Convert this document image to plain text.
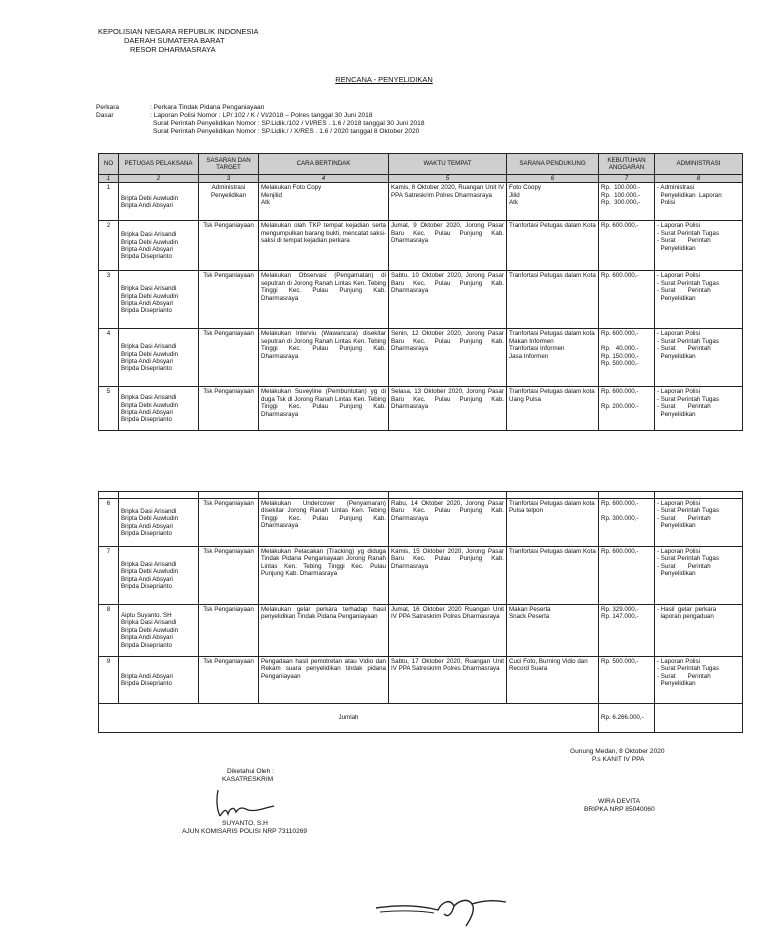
KEPOLISIAN NEGARA REPUBLIK INDONESIA
DAERAH SUMATERA BARAT
RESOR DHARMASRAYA
RENCANA - PENYELIDIKAN
Perkara	: Perkara Tindak Pidana Penganiayaan
Dasar	: Laporan Polisi Nomor : LP/ 102 / K / VI/2018 – Polres tanggal 30 Juni 2018
Surat Perintah Penyelidikan Nomor : SP.Lidik./102 / VI/RES . 1.6 / 2018 tanggal 30 Juni 2018
Surat Perintah Penyelidikan Nomor : SP.Lidik./ / X/RES . 1.6 / 2020 tanggal 8 Oktober 2020
NO	PETUGAS PELAKSANA	SASARAN DAN TARGET	CARA BERTINDAK	WAKTU TEMPAT	SARANA PENDUKUNG	KEBUTUHAN ANGGARAN	ADMINISTRASI
1	2	3	4	5	6	7	8
1	Bripta Debi Auwludin
Bripta Andi Absyari	Administrasi Penyelidikan	Melakukan Foto Copy
Menjilid
Atk	Kamis, 8 Oktober 2020, Ruangan Unit IV PPA Satreskrim Polres Dharmasraya	Foto Coopy
Jilid
Atk	Rp.  100.000.-
Rp.  100.000.-
Rp.  300.000,-	- Administrasi
Penyelidikan  Laporan
Polisi

2	Bripka Dasi Arisandi
Bripta Debi Auwludin
Bripta Andi Absyari
Bripda Diseprianto	Tsk Penganiayaan	Melakukan olah TKP tempat kejadian serta mengumpulkan barang bukti, mencatat saksi- saksi di tempat kejadian perkara	Jumat, 9 Oktober 2020, Jorong Pasar Baru Kec. Pulau Punjung Kab. Dharmasraya	Tranfortasi Petugas dalam Kota	Rp. 600.000,-	- Laporan Polisi
- Surat Perintah Tugas
- Surat       Perintah
Penyelidikan

3	Bripka Dasi Arisandi
Bripta Debi Auwludin
Bripta Andi Absyari
Bripda Diseprianto	Tsk Penganiayaan	Melakukan Observasi (Pengamatan) di seputran di Jorong Ranah Lintas Ken. Tebing Tinggi Kec. Pulau Punjung Kab. Dharmasraya	Sabtu, 10 Oktober 2020, Jorong Pasar Baru Kec. Pulau Punjung Kab. Dharmasraya	Tranfortasi Petugas dalam Kota	Rp. 600.000,-	- Laporan Polisi
- Surat Perintah Tugas
- Surat       Perintah
Penyelidikan

4	Bripka Dasi Arisandi
Bripta Debi Auwludin
Bripta Andi Absyari
Bripda Diseprianto	Tsk Penganiayaan	Melakukan Interviu (Wawancara) disekitar seputran di Jorong Ranah Lintas Ken. Tebing Tinggi Kec. Pulau Punjung Kab. Dharmasraya	Senin, 12 Oktober 2020, Jorong Pasar Baru Kec. Pulau Punjung Kab. Dharmasraya	Tranfortasi Petugas dalam kota
Makan Informen
Tranfortasi Informen
Jasa Informen	Rp. 600.000,-
Rp.   40.000.-
Rp. 150.000,-
Rp. 500.000,-	- Laporan Polisi
- Surat Perintah Tugas
- Surat       Perintah
Penyelidikan

5	Bripka Dasi Arisandi
Bripta Debi Auwludin
Bripta Andi Absyari
Bripda Diseprianto	Tsk Penganiayaan	Melakukan Suveyline (Pembuntutan) yg di duga Tsk di Jorong Ranah Lintas Ken. Tebing Tinggi Kec. Pulau Punjung Kab. Dharmasraya	Selasa, 13 Oktober 2020, Jorong Pasar Baru Kec. Pulau Punjung Kab. Dharmasraya	Tranfortasi Petugas dalam kota
Uang Pulsa	Rp. 600.000,-
Rp. 200.000.-	- Laporan Polisi
- Surat Perintah Tugas
- Surat       Perintah
Penyelidikan

6	Bripka Dasi Arisandi
Bripta Debi Auwludin
Bripta Andi Absyari
Bripda Diseprianto	Tsk Penganiayaan	Melakukan Undercover (Penyamaran) disekitar Jorong Ranah Lintas Ken. Tebing Tinggi Kec. Pulau Punjung Kab. Dharmasraya	Rabu, 14 Oktober 2020, Jorong Pasar Baru Kec. Pulau Punjung Kab. Dharmasraya	Tranfortasi Petugas dalam kota
Pulsa telpon	Rp. 600.000,-
Rp. 300.000,-	- Laporan Polisi
- Surat Perintah Tugas
- Surat       Perintah
Penyelidikan

7	Bripka Dasi Arisandi
Bripta Debi Auwludin
Bripta Andi Absyari
Bripda Diseprianto	Tsk Penganiayaan	Melakukan Pelacakan (Tracking) yg diduga Tindak Pidana Penganiayaan Jorong Ranah Lintas Ken. Tebing Tinggi Kec. Pulau Punjung Kab. Dharmasraya	Kamis, 15 Oktober 2020, Jorong Pasar Baru Kec. Pulau Punjung Kab. Dharmasraya	Tranfortasi Petugas dalam Kota	Rp. 600.000,-	- Laporan Polisi
- Surat Perintah Tugas
- Surat       Perintah
Penyelidikan

8	Aiptu Suyanto. SH
Bripka Dasi Arisandi
Bripta Debi Auwludin
Bripta Andi Absyari
Bripda Diseprianto	Tsk Penganiayaan	Melakukan gelar perkara terhadap hasil penyelidikan Tindak Pidana Penganiayaan	Jumat, 16 Oktober 2020 Ruangan Unit IV PPA Satreskrim Polres Dharmasraya	Makan Peserta
Snack Peserta	Rp. 329.000,-
Rp. 147.000,-	- Hasil  gelar  perkara
laporan pengaduan

9	Bripta Andi Absyari
Bripda Diseprianto	Tsk Penganiayaan	Pengadaan hasil pemotretan atau Vidio dan Rekam suara penyelidikan tindak pidana Penganiayaan	Sabtu, 17 Oktober 2020, Ruangan Unit IV PPA Satreskrim Polres Dharmasraya	Cuci Foto, Burning Vidio dan Record Suara	Rp. 500.000,-	- Laporan Polisi
- Surat Perintah Tugas
- Surat       Perintah
Penyelidikan

Jumlah						Rp. 6.266.000,-	
Gunung Medan, 8 Oktober 2020
P.s KANIT IV PPA
WIRA DEVITA
BRIPKA NRP 85040060
Diketahui Oleh :
KASATRESKRIM
SUYANTO, S.H
AJUN KOMISARIS POLISI NRP 73110269
